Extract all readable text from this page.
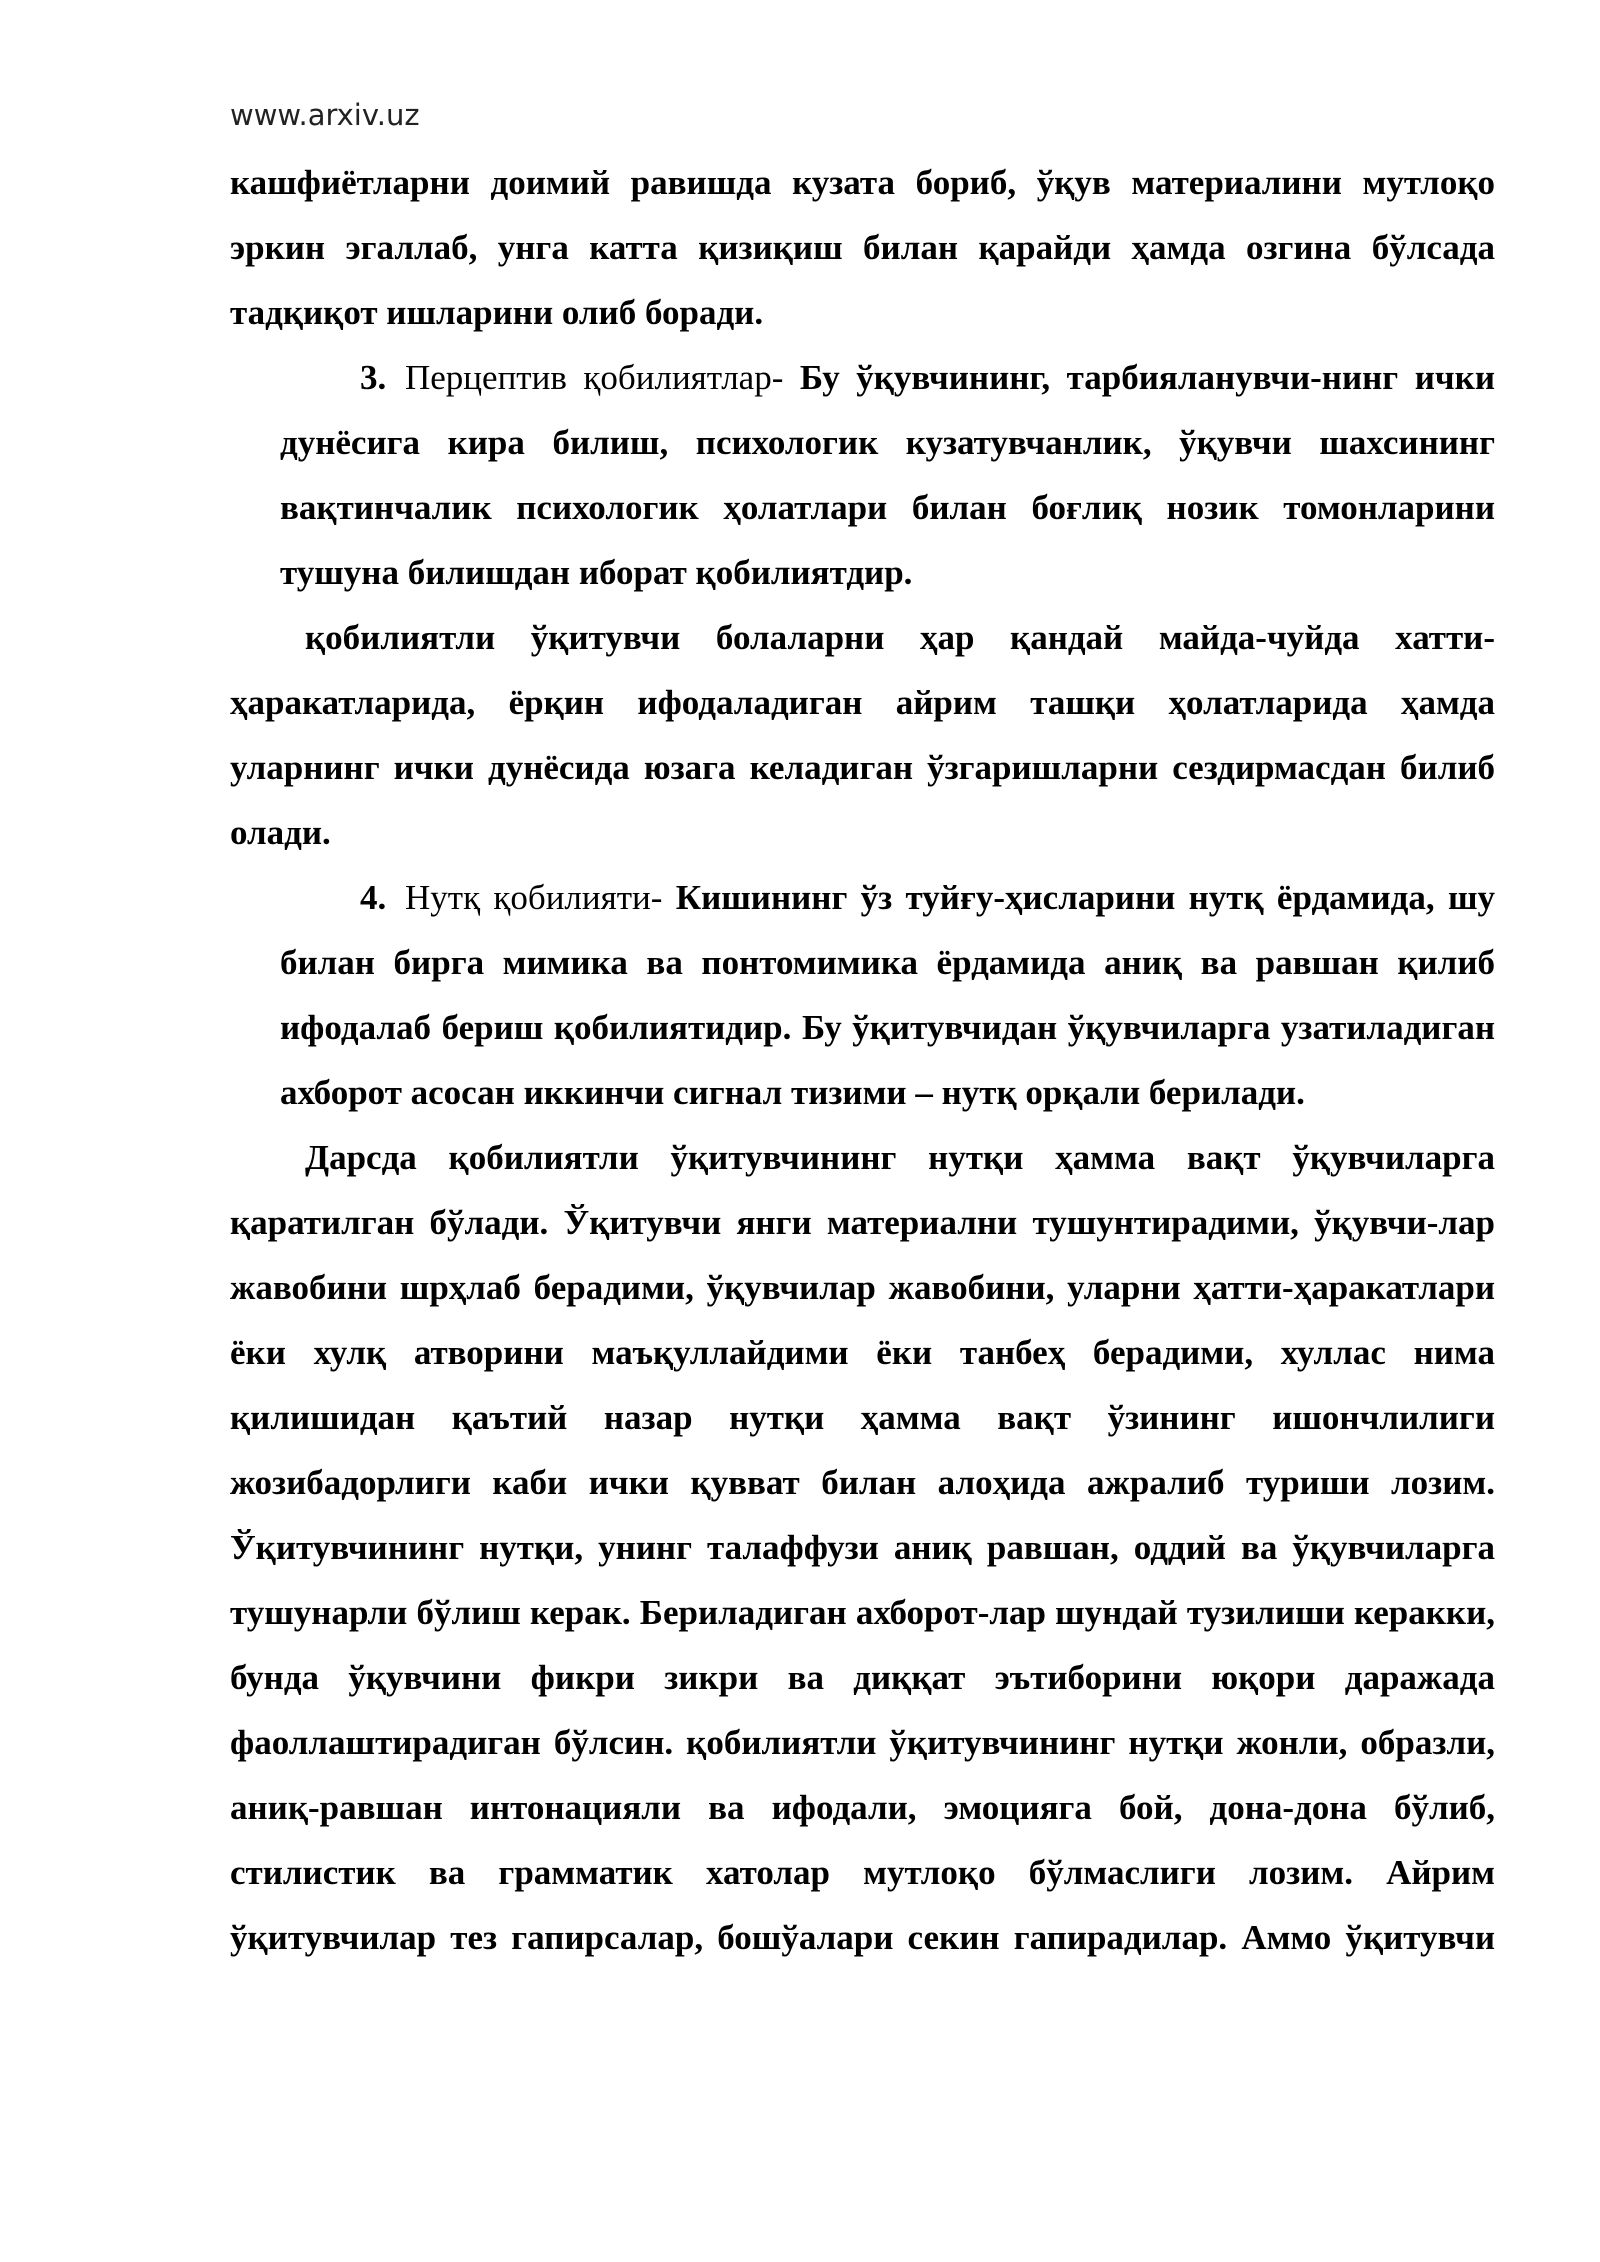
www.arxiv.uz

кашфиётларни доимий равишда кузата бориб, ўқув материалини мутлоқо эркин эгаллаб, унга катта қизиқиш билан қарайди ҳамда озгина бўлсада тадқиқот ишларини олиб боради.

3. Перцептив қобилиятлар- Бу ўқувчининг, тарбияланувчи-нинг ички дунёсига кира билиш, психологик кузатувчанлик, ўқувчи шахсининг вақтинчалик психологик ҳолатлари билан боғлиқ нозик томонларини тушуна билишдан иборат қобилиятдир.

қобилиятли ўқитувчи болаларни ҳар қандай майда-чуйда хатти-ҳаракатларида, ёрқин ифодаладиган айрим ташқи ҳолатларида ҳамда уларнинг ички дунёсида юзага келадиган ўзгаришларни сездирмасдан билиб олади.

4. Нутқ қобилияти- Кишининг ўз туйғу-ҳисларини нутқ ёрдамида, шу билан бирга мимика ва понтомимика ёрдамида аниқ ва равшан қилиб ифодалаб бериш қобилиятидир. Бу ўқитувчидан ўқувчиларга узатиладиган ахборот асосан иккинчи сигнал тизими – нутқ орқали берилади.

Дарсда қобилиятли ўқитувчининг нутқи ҳамма вақт ўқувчиларга қаратилган бўлади. Ўқитувчи янги материални тушунтирадими, ўқувчи-лар жавобини шрҳлаб берадими, ўқувчилар жавобини, уларни ҳатти-ҳаракатлари ёки хулқ атворини маъқуллайдими ёки танбеҳ берадими, хуллас нима қилишидан қаътий назар нутқи ҳамма вақт ўзининг ишончлилиги жозибадорлиги каби ички қувват билан алоҳида ажралиб туриши лозим. Ўқитувчининг нутқи, унинг талаффузи аниқ равшан, оддий ва ўқувчиларга тушунарли бўлиш керак. Бериладиган ахборот-лар шундай тузилиши керакки, бунда ўқувчини фикри зикри ва диққат эътиборини юқори даражада фаоллаштирадиган бўлсин. қобилиятли ўқитувчининг нутқи жонли, образли, аниқ-равшан интонацияли ва ифодали, эмоцияга бой, дона-дона бўлиб, стилистик ва грамматик хатолар мутлоқо бўлмаслиги лозим. Айрим ўқитувчилар тез гапирсалар, бошўалари секин гапирадилар. Аммо ўқитувчи
